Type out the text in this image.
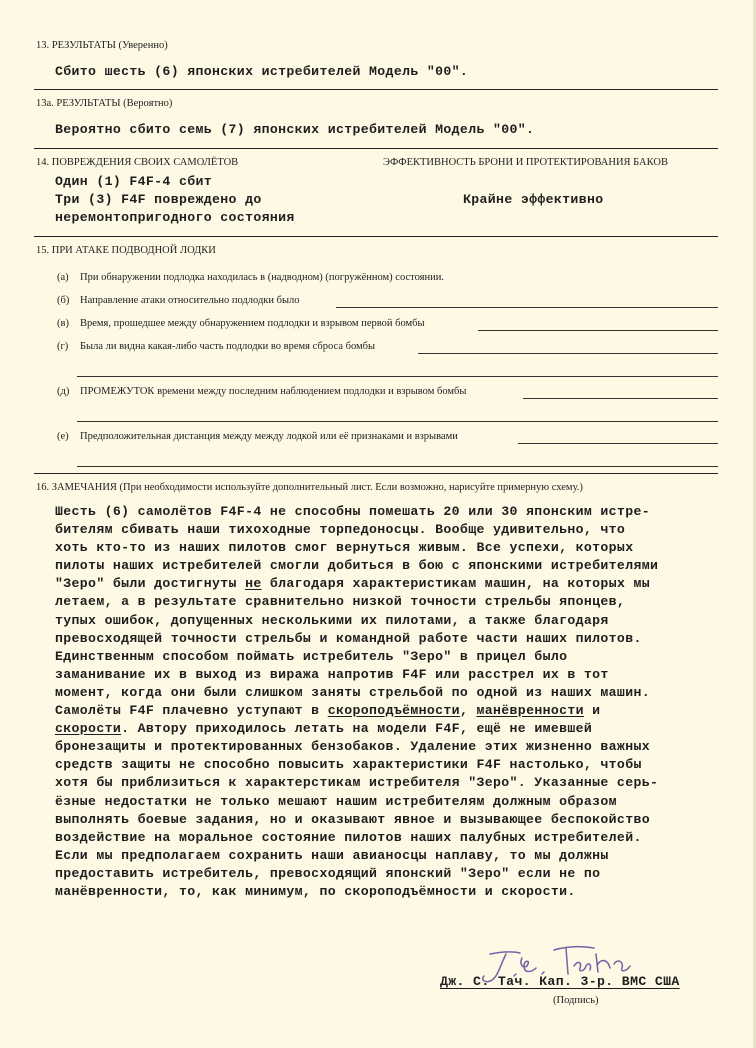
13. РЕЗУЛЬТАТЫ (Уверенно)
Сбито шесть (6) японских истребителей Модель "00".
13а. РЕЗУЛЬТАТЫ (Вероятно)
Вероятно сбито семь (7) японских истребителей Модель "00".
14. ПОВРЕЖДЕНИЯ СВОИХ САМОЛЁТОВ	ЭФФЕКТИВНОСТЬ БРОНИ И ПРОТЕКТИРОВАНИЯ БАКОВ
Один (1) F4F-4 сбит
Три (3) F4F повреждено до
неремонтопригодного состояния
Крайне эффективно
15. ПРИ АТАКЕ ПОДВОДНОЙ ЛОДКИ
(а) При обнаружении подлодка находилась в (надводном) (погружённом) состоянии.
(б) Направление атаки относительно подлодки было
(в) Время, прошедшее между обнаружением подлодки и взрывом первой бомбы
(г) Была ли видна какая-либо часть подлодки во время сброса бомбы
(д) ПРОМЕЖУТОК времени между последним наблюдением подлодки и взрывом бомбы
(е) Предположительная дистанция между между лодкой или её признаками и взрывами
16. ЗАМЕЧАНИЯ (При необходимости используйте дополнительный лист. Если возможно, нарисуйте примерную схему.)
Шесть (6) самолётов F4F-4 не способны помешать 20 или 30 японским истре-
бителям сбивать наши тихоходные торпедоносцы. Вообще удивительно, что
хоть кто-то из наших пилотов смог вернуться живым. Все успехи, которых
пилоты наших истребителей смогли добиться в бою с японскими истребителями
"Зеро" были достигнуты не благодаря характеристикам машин, на которых мы
летаем, а в результате сравнительно низкой точности стрельбы японцев,
тупых ошибок, допущенных несколькими их пилотами, а также благодаря
превосходящей точности стрельбы и командной работе части наших пилотов.
Единственным способом поймать истребитель "Зеро" в прицел было
заманивание их в выход из виража напротив F4F или расстрел их в тот
момент, когда они были слишком заняты стрельбой по одной из наших машин.
Самолёты F4F плачевно уступают в скороподъёмности, манёвренности и
скорости. Автору приходилось летать на модели F4F, ещё не имевшей
бронезащиты и протектированных бензобаков. Удаление этих жизненно важных
средств защиты не способно повысить характеристики F4F настолько, чтобы
хотя бы приблизиться к характерстикам истребителя "Зеро". Указанные серь-
ёзные недостатки не только мешают нашим истребителям должным образом
выполнять боевые задания, но и оказывают явное и вызывающее беспокойство
воздействие на моральное состояние пилотов наших палубных истребителей.
Если мы предполагаем сохранить наши авианосцы наплаву, то мы должны
предоставить истребитель, превосходящий японский "Зеро" если не по
манёвренности, то, как минимум, по скороподъёмности и скорости.
Дж. С. Тач. Кап. 3-р. ВМС США
(Подпись)
